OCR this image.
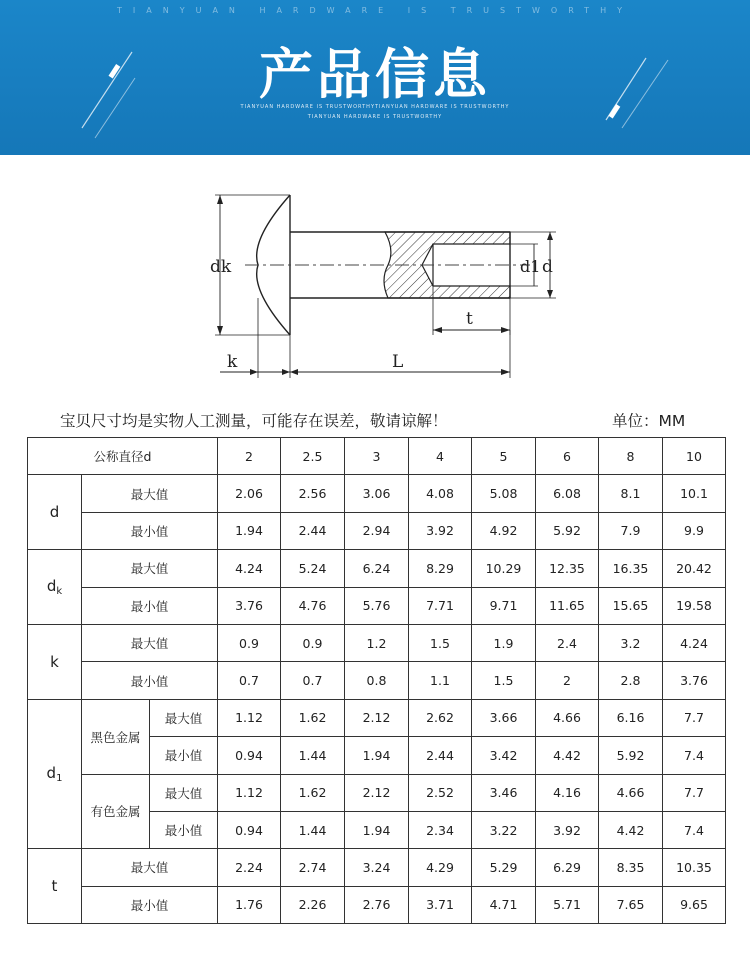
TIANYUAN HARDWARE IS TRUSTWORTHY
产品信息
TIANYUAN HARDWARE IS TRUSTWORTHYTIANYUAN HARDWARE IS TRUSTWORTHY
TIANYUAN HARDWARE IS TRUSTWORTHY
dk	d1 d
t
k	L
宝贝尺寸均是实物人工测量，可能存在误差，敬请谅解！	单位：MM
公称直径d			2	2.5	3	4	5	6	8	10
d	最大值		2.06	2.56	3.06	4.08	5.08	6.08	8.1	10.1
	最小值		1.94	2.44	2.94	3.92	4.92	5.92	7.9	9.9
$d_k$	最大值		4.24	5.24	6.24	8.29	10.29	12.35	16.35	20.42
	最小值		3.76	4.76	5.76	7.71	9.71	11.65	15.65	19.58
k	最大值		0.9	0.9	1.2	1.5	1.9	2.4	3.2	4.24
	最小值		0.7	0.7	0.8	1.1	1.5	2	2.8	3.76
$d_1$	黑色金属	最大值	1.12	1.62	2.12	2.62	3.66	4.66	6.16	7.7
		最小值	0.94	1.44	1.94	2.44	3.42	4.42	5.92	7.4
	有色金属	最大值	1.12	1.62	2.12	2.52	3.46	4.16	4.66	7.7
		最小值	0.94	1.44	1.94	2.34	3.22	3.92	4.42	7.4
t	最大值		2.24	2.74	3.24	4.29	5.29	6.29	8.35	10.35
	最小值		1.76	2.26	2.76	3.71	4.71	5.71	7.65	9.65
